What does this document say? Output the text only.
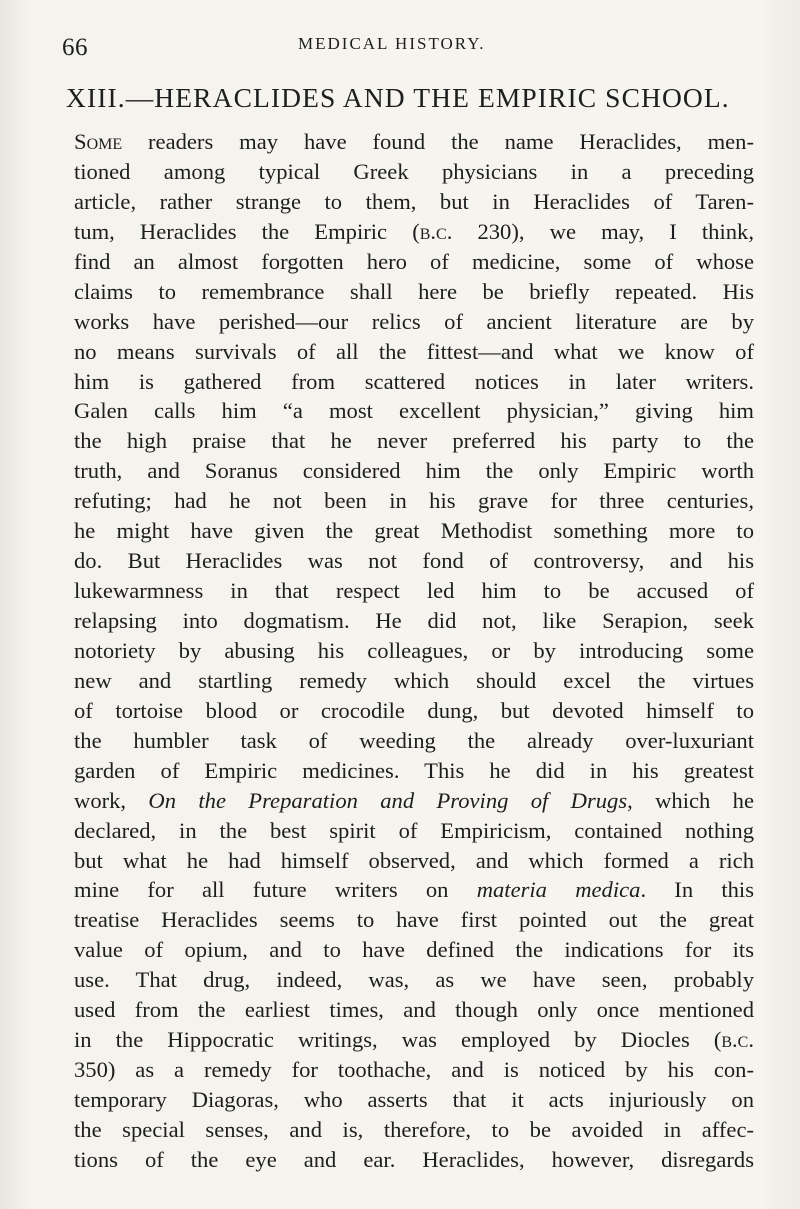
66	MEDICAL HISTORY.
XIII.—HERACLIDES AND THE EMPIRIC SCHOOL.
Some readers may have found the name Heraclides, men-
tioned among typical Greek physicians in a preceding
article, rather strange to them, but in Heraclides of Taren-
tum, Heraclides the Empiric (b.c. 230), we may, I think,
find an almost forgotten hero of medicine, some of whose
claims to remembrance shall here be briefly repeated. His
works have perished—our relics of ancient literature are by
no means survivals of all the fittest—and what we know of
him is gathered from scattered notices in later writers.
Galen calls him “a most excellent physician,” giving him
the high praise that he never preferred his party to the
truth, and Soranus considered him the only Empiric worth
refuting; had he not been in his grave for three centuries,
he might have given the great Methodist something more to
do. But Heraclides was not fond of controversy, and his
lukewarmness in that respect led him to be accused of
relapsing into dogmatism. He did not, like Serapion, seek
notoriety by abusing his colleagues, or by introducing some
new and startling remedy which should excel the virtues
of tortoise blood or crocodile dung, but devoted himself to
the humbler task of weeding the already over-luxuriant
garden of Empiric medicines. This he did in his greatest
work, On the Preparation and Proving of Drugs, which he
declared, in the best spirit of Empiricism, contained nothing
but what he had himself observed, and which formed a rich
mine for all future writers on materia medica. In this
treatise Heraclides seems to have first pointed out the great
value of opium, and to have defined the indications for its
use. That drug, indeed, was, as we have seen, probably
used from the earliest times, and though only once mentioned
in the Hippocratic writings, was employed by Diocles (b.c.
350) as a remedy for toothache, and is noticed by his con-
temporary Diagoras, who asserts that it acts injuriously on
the special senses, and is, therefore, to be avoided in affec-
tions of the eye and ear. Heraclides, however, disregards
